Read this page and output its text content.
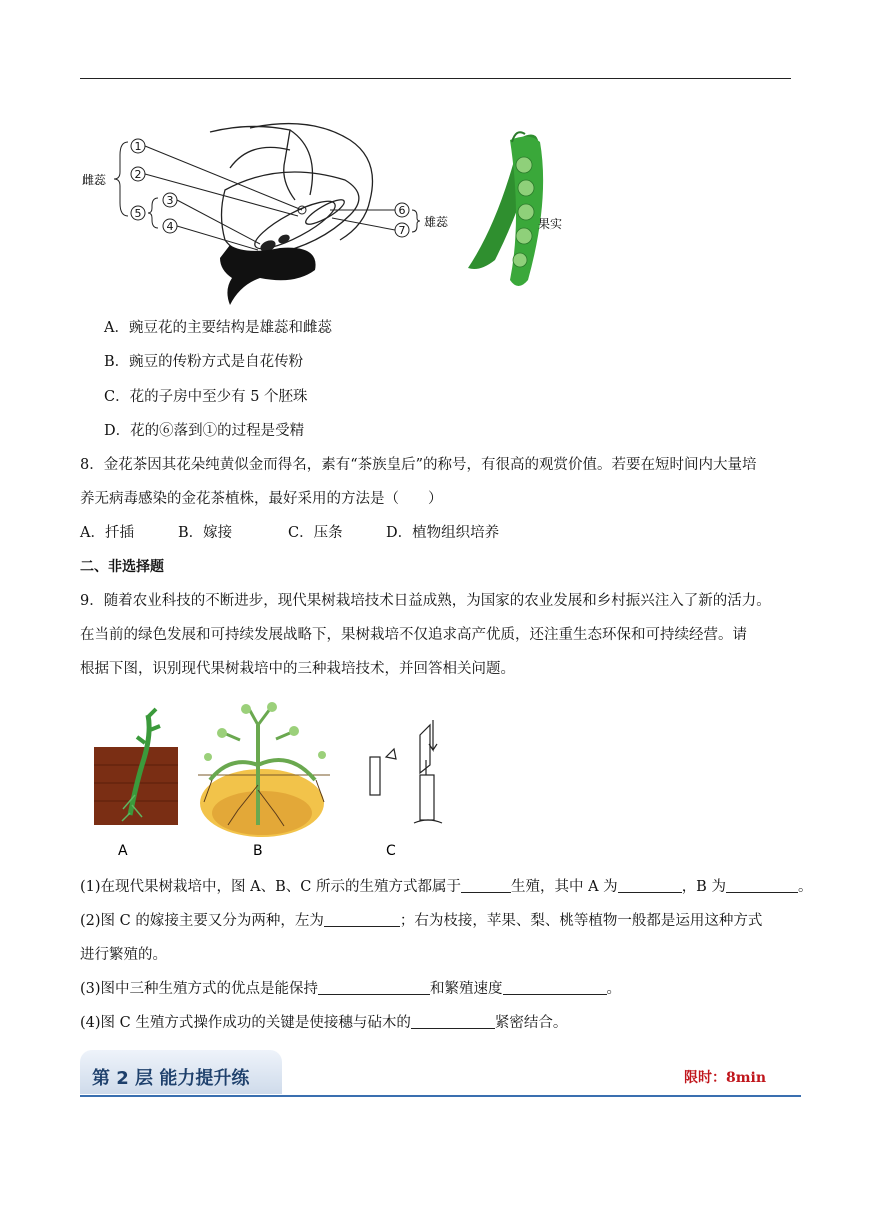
1
2
3
5
4
6
7
雌蕊
雄蕊	果实
A．豌豆花的主要结构是雄蕊和雌蕊
B．豌豆的传粉方式是自花传粉
C．花的子房中至少有 5 个胚珠
D．花的⑥落到①的过程是受精
8．金花茶因其花朵纯黄似金而得名，素有“茶族皇后”的称号，有很高的观赏价值。若要在短时间内大量培
养无病毒感染的金花茶植株，最好采用的方法是（　　）
A．扦插	B．嫁接	C．压条	D．植物组织培养
二、非选择题
9．随着农业科技的不断进步，现代果树栽培技术日益成熟，为国家的农业发展和乡村振兴注入了新的活力。
在当前的绿色发展和可持续发展战略下，果树栽培不仅追求高产优质，还注重生态环保和可持续经营。请
根据下图，识别现代果树栽培中的三种栽培技术，并回答相关问题。
A	B	C
(1)在现代果树栽培中，图 A、B、C 所示的生殖方式都属于	生殖，其中 A 为	，B 为	。
(2)图 C 的嫁接主要又分为两种，左为	；右为枝接，苹果、梨、桃等植物一般都是运用这种方式
进行繁殖的。
(3)图中三种生殖方式的优点是能保持	和繁殖速度	。
(4)图 C 生殖方式操作成功的关键是使接穗与砧木的	紧密结合。
第 2 层 能力提升练	限时：8min
